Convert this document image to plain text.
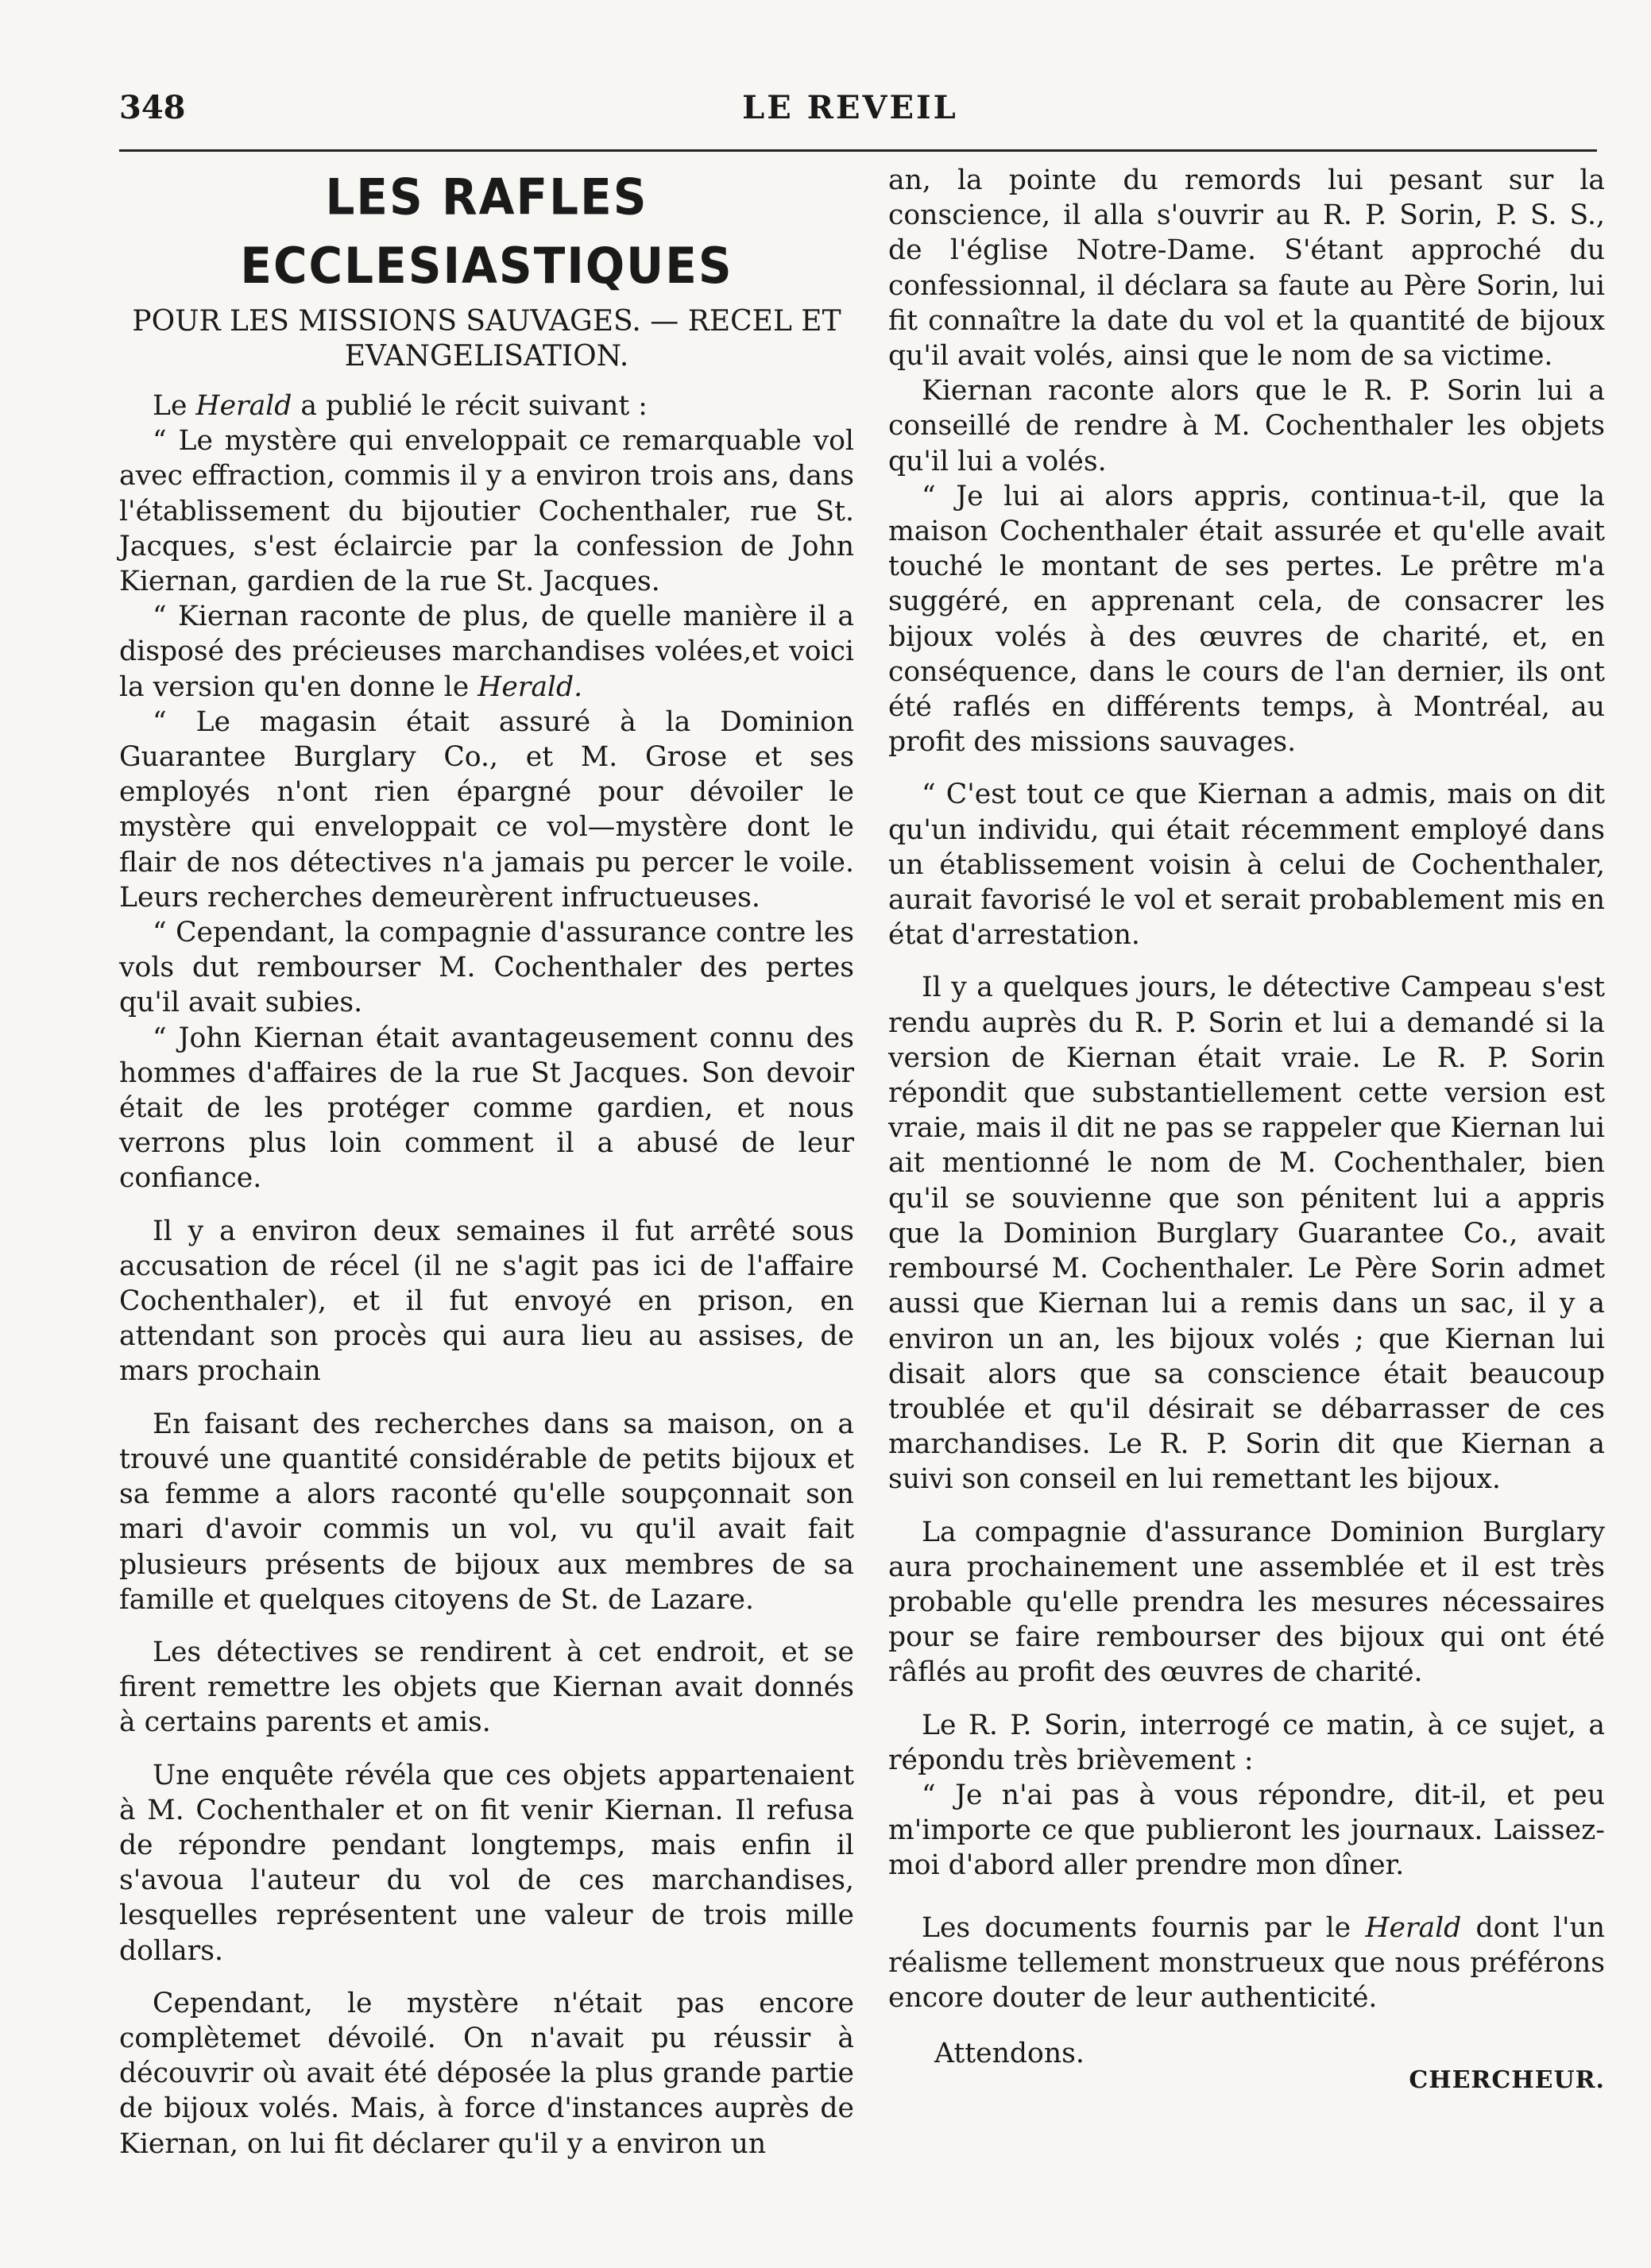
348	LE REVEIL
LES RAFLES ECCLESIASTIQUES
POUR LES MISSIONS SAUVAGES. — RECEL ET EVANGELISATION.

Le Herald a publié le récit suivant :

“ Le mystère qui enveloppait ce remarquable vol avec effraction, commis il y a environ trois ans, dans l'établissement du bijoutier Cochenthaler, rue St. Jacques, s'est éclaircie par la confession de John Kiernan, gardien de la rue St. Jacques.

“ Kiernan raconte de plus, de quelle manière il a disposé des précieuses marchandises volées,et voici la version qu'en donne le Herald.

“ Le magasin était assuré à la Dominion Guarantee Burglary Co., et M. Grose et ses employés n'ont rien épargné pour dévoiler le mystère qui enveloppait ce vol—mystère dont le flair de nos détectives n'a jamais pu percer le voile. Leurs recherches demeurèrent infructueuses.

“ Cependant, la compagnie d'assurance contre les vols dut rembourser M. Cochenthaler des pertes qu'il avait subies.

“ John Kiernan était avantageusement connu des hommes d'affaires de la rue St Jacques. Son devoir était de les protéger comme gardien, et nous verrons plus loin comment il a abusé de leur confiance.

Il y a environ deux semaines il fut arrêté sous accusation de récel (il ne s'agit pas ici de l'affaire Cochenthaler), et il fut envoyé en prison, en attendant son procès qui aura lieu au assises, de mars prochain

En faisant des recherches dans sa maison, on a trouvé une quantité considérable de petits bijoux et sa femme a alors raconté qu'elle soupçonnait son mari d'avoir commis un vol, vu qu'il avait fait plusieurs présents de bijoux aux membres de sa famille et quelques citoyens de St. de Lazare.

Les détectives se rendirent à cet endroit, et se firent remettre les objets que Kiernan avait donnés à certains parents et amis.

Une enquête révéla que ces objets appartenaient à M. Cochenthaler et on fit venir Kiernan. Il refusa de répondre pendant longtemps, mais enfin il s'avoua l'auteur du vol de ces marchandises, lesquelles représentent une valeur de trois mille dollars.

Cependant, le mystère n'était pas encore complètemet dévoilé. On n'avait pu réussir à découvrir où avait été déposée la plus grande partie de bijoux volés. Mais, à force d'instances auprès de Kiernan, on lui fit déclarer qu'il y a environ un

an, la pointe du remords lui pesant sur la conscience, il alla s'ouvrir au R. P. Sorin, P. S. S., de l'église Notre-Dame. S'étant approché du confessionnal, il déclara sa faute au Père Sorin, lui fit connaître la date du vol et la quantité de bijoux qu'il avait volés, ainsi que le nom de sa victime.

Kiernan raconte alors que le R. P. Sorin lui a conseillé de rendre à M. Cochenthaler les objets qu'il lui a volés.

“ Je lui ai alors appris, continua-t-il, que la maison Cochenthaler était assurée et qu'elle avait touché le montant de ses pertes. Le prêtre m'a suggéré, en apprenant cela, de consacrer les bijoux volés à des œuvres de charité, et, en conséquence, dans le cours de l'an dernier, ils ont été raflés en différents temps, à Montréal, au profit des missions sauvages.

“ C'est tout ce que Kiernan a admis, mais on dit qu'un individu, qui était récemment employé dans un établissement voisin à celui de Cochenthaler, aurait favorisé le vol et serait probablement mis en état d'arrestation.

Il y a quelques jours, le détective Campeau s'est rendu auprès du R. P. Sorin et lui a demandé si la version de Kiernan était vraie. Le R. P. Sorin répondit que substantiellement cette version est vraie, mais il dit ne pas se rappeler que Kiernan lui ait mentionné le nom de M. Cochenthaler, bien qu'il se souvienne que son pénitent lui a appris que la Dominion Burglary Guarantee Co., avait remboursé M. Cochenthaler. Le Père Sorin admet aussi que Kiernan lui a remis dans un sac, il y a environ un an, les bijoux volés ; que Kiernan lui disait alors que sa conscience était beaucoup troublée et qu'il désirait se débarrasser de ces marchandises. Le R. P. Sorin dit que Kiernan a suivi son conseil en lui remettant les bijoux.

La compagnie d'assurance Dominion Burglary aura prochainement une assemblée et il est très probable qu'elle prendra les mesures nécessaires pour se faire rembourser des bijoux qui ont été râflés au profit des œuvres de charité.

Le R. P. Sorin, interrogé ce matin, à ce sujet, a répondu très brièvement :

“ Je n'ai pas à vous répondre, dit-il, et peu m'importe ce que publieront les journaux. Laissez-moi d'abord aller prendre mon dîner.

Les documents fournis par le Herald dont l'un réalisme tellement monstrueux que nous préférons encore douter de leur authenticité.

Attendons.
CHERCHEUR.
